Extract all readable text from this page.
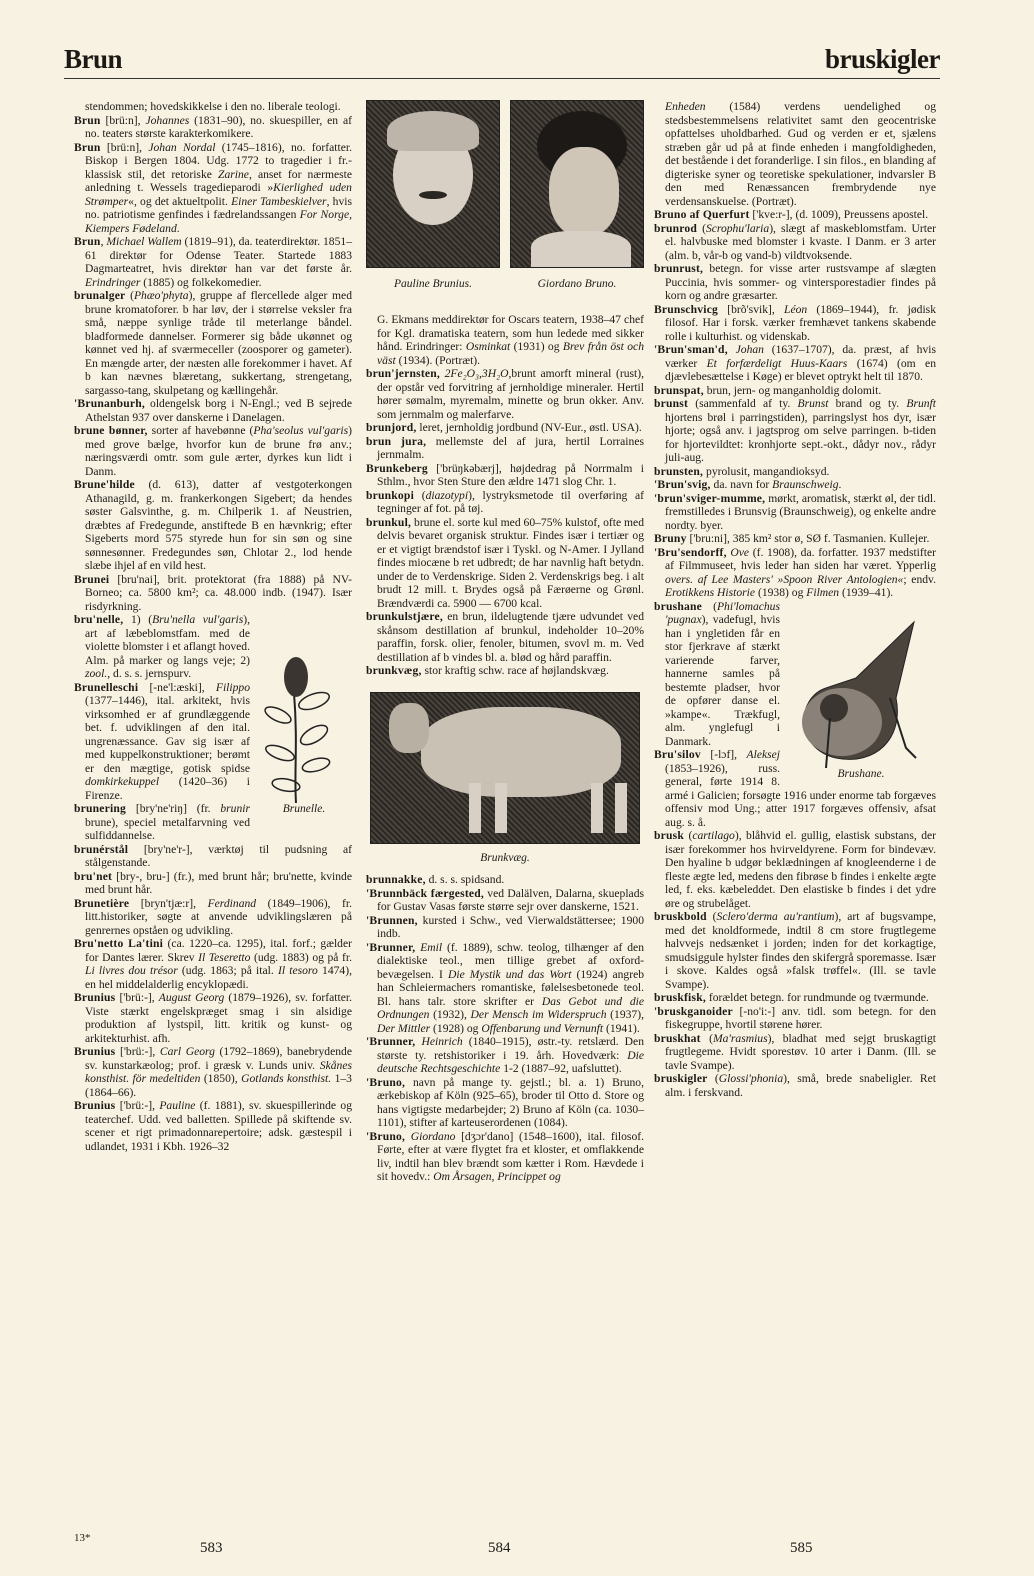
Brun	bruskigler

stendommen; hovedskikkelse i den no. liberale teologi.

Brun [brü:n], Johannes (1831–90), no. skuespiller, en af no. teaters største karakterkomikere.

Brun [brü:n], Johan Nordal (1745–1816), no. forfatter. Biskop i Bergen 1804. Udg. 1772 to tragedier i fr.-klassisk stil, det retoriske Zarine, anset for nærmeste anledning t. Wessels tragedieparodi »Kierlighed uden Strømper«, og det aktueltpolit. Einer Tambeskielver, hvis no. patriotisme genfindes i fædrelandssangen For Norge, Kiempers Fødeland.

Brun, Michael Wallem (1819–91), da. teaterdirektør. 1851–61 direktør for Odense Teater. Startede 1883 Dagmarteatret, hvis direktør han var det første år. Erindringer (1885) og folkekomedier.

brunalger (Phæo'phyta), gruppe af flercellede alger med brune kromatoforer. b har løv, der i størrelse veksler fra små, næppe synlige tråde til meterlange båndel. bladformede dannelser. Formerer sig både ukønnet og kønnet ved hj. af sværmeceller (zoosporer og gameter). En mængde arter, der næsten alle forekommer i havet. Af b kan nævnes blæretang, sukkertang, strengetang, sargasso-tang, skulpetang og kællingehår.

'Brunanburh, oldengelsk borg i N-Engl.; ved B sejrede Athelstan 937 over danskerne i Danelagen.

brune bønner, sorter af havebønne (Pha'seolus vul'garis) med grove bælge, hvorfor kun de brune frø anv.; næringsværdi omtr. som gule ærter, dyrkes kun lidt i Danm.

Brune'hilde (d. 613), datter af vestgoterkongen Athanagild, g. m. frankerkongen Sigebert; da hendes søster Galsvinthe, g. m. Chilperik 1. af Neustrien, dræbtes af Fredegunde, anstiftede B en hævnkrig; efter Sigeberts mord 575 styrede hun for sin søn og sine sønnesønner. Fredegundes søn, Chlotar 2., lod hende slæbe ihjel af en vild hest.

Brunei [bru'nai], brit. protektorat (fra 1888) på NV-Borneo; ca. 5800 km²; ca. 48.000 indb. (1947). Især risdyrkning.

Brunelle.

bru'nelle, 1) (Bru'nella vul'garis), art af læbeblomstfam. med de violette blomster i et aflangt hoved. Alm. på marker og langs veje; 2) zool., d. s. s. jernspurv.

Brunelleschi [-ne'l:æski], Filippo (1377–1446), ital. arkitekt, hvis virksomhed er af grundlæggende bet. f. udviklingen af den ital. ungrenæssance. Gav sig især af med kuppelkonstruktioner; berømt er den mægtige, gotisk spidse domkirkekuppel (1420–36) i Firenze.

brunering [bry'ne'riŋ] (fr. brunir brune), speciel metalfarvning ved sulfiddannelse.

brunérstål [bry'ne'r-], værktøj til pudsning af stålgenstande.

bru'net [bry-, bru-] (fr.), med brunt hår; bru'nette, kvinde med brunt hår.

Brunetière [bryn'tjæ:r], Ferdinand (1849–1906), fr. litt.historiker, søgte at anvende udviklingslæren på genrernes opståen og udvikling.

Bru'netto La'tini (ca. 1220–ca. 1295), ital. forf.; gælder for Dantes lærer. Skrev Il Teseretto (udg. 1883) og på fr. Li livres dou trésor (udg. 1863; på ital. Il tesoro 1474), en hel middelalderlig encyklopædi.

Brunius ['brü:-], August Georg (1879–1926), sv. forfatter. Viste stærkt engelskpræget smag i sin alsidige produktion af lystspil, litt. kritik og kunst- og arkitekturhist. afh.

Brunius ['brü:-], Carl Georg (1792–1869), banebrydende sv. kunstarkæolog; prof. i græsk v. Lunds univ. Skånes konsthist. för medeltiden (1850), Gotlands konsthist. 1–3 (1864–66).

Brunius ['brü:-], Pauline (f. 1881), sv. skuespillerinde og teaterchef. Udd. ved balletten. Spillede på skiftende sv. scener et rigt primadonnarepertoire; adsk. gæstespil i udlandet, 1931 i Kbh. 1926–32

Pauline Brunius.	Giordano Bruno.

G. Ekmans meddirektør for Oscars teatern, 1938–47 chef for Kgl. dramatiska teatern, som hun ledede med sikker hånd. Erindringer: Osminkat (1931) og Brev från öst och väst (1934). (Portræt).

brun'jernsten, 2Fe₂O₃,3H₂O,brunt amorft mineral (rust), der opstår ved forvitring af jernholdige mineraler. Hertil hører sømalm, myremalm, minette og brun okker. Anv. som jernmalm og malerfarve.

brunjord, leret, jernholdig jordbund (NV-Eur., østl. USA).

brun jura, mellemste del af jura, hertil Lorraines jernmalm.

Brunkeberg ['brüŋkəbærj], højdedrag på Norrmalm i Sthlm., hvor Sten Sture den ældre 1471 slog Chr. 1.

brunkopi (diazotypi), lystryksmetode til overføring af tegninger af fot. på tøj.

brunkul, brune el. sorte kul med 60–75% kulstof, ofte med delvis bevaret organisk struktur. Findes især i tertiær og er et vigtigt brændstof især i Tyskl. og N-Amer. I Jylland findes miocæne b ret udbredt; de har navnlig haft betydn. under de to Verdenskrige. Siden 2. Verdenskrigs beg. i alt brudt 12 mill. t. Brydes også på Færøerne og Grønl. Brændværdi ca. 5900 — 6700 kcal.

brunkulstjære, en brun, ildelugtende tjære udvundet ved skånsom destillation af brunkul, indeholder 10–20% paraffin, forsk. olier, fenoler, bitumen, svovl m. m. Ved destillation af b vindes bl. a. blød og hård paraffin.

brunkvæg, stor kraftig schw. race af højlandskvæg.

Brunkvæg.

brunnakke, d. s. s. spidsand.

'Brunnbäck færgested, ved Dalälven, Dalarna, skueplads for Gustav Vasas første større sejr over danskerne, 1521.

'Brunnen, kursted i Schw., ved Vierwaldstättersee; 1900 indb.

'Brunner, Emil (f. 1889), schw. teolog, tilhænger af den dialektiske teol., men tillige grebet af oxford-bevægelsen. I Die Mystik und das Wort (1924) angreb han Schleiermachers romantiske, følelsesbetonede teol. Bl. hans talr. store skrifter er Das Gebot und die Ordnungen (1932), Der Mensch im Widerspruch (1937), Der Mittler (1928) og Offenbarung und Vernunft (1941).

'Brunner, Heinrich (1840–1915), østr.-ty. retslærd. Den største ty. retshistoriker i 19. årh. Hovedværk: Die deutsche Rechtsgeschichte 1-2 (1887–92, uafsluttet).

'Bruno, navn på mange ty. gejstl.; bl. a. 1) Bruno, ærkebiskop af Köln (925–65), broder til Otto d. Store og hans vigtigste medarbejder; 2) Bruno af Köln (ca. 1030–1101), stifter af karteuserordenen (1084).

'Bruno, Giordano [dʒɔr'dano] (1548–1600), ital. filosof. Førte, efter at være flygtet fra et kloster, et omflakkende liv, indtil han blev brændt som kætter i Rom. Hævdede i sit hovedv.: Om Årsagen, Princippet og

Enheden (1584) verdens uendelighed og stedsbestemmelsens relativitet samt den geocentriske opfattelses uholdbarhed. Gud og verden er et, sjælens stræben går ud på at finde enheden i mangfoldigheden, det bestående i det foranderlige. I sin filos., en blanding af digteriske syner og teoretiske spekulationer, indvarsler B den med Renæssancen frembrydende nye verdensanskuelse. (Portræt).

Bruno af Querfurt ['kve:r-], (d. 1009), Preussens apostel.

brunrod (Scrophu'laria), slægt af maskeblomstfam. Urter el. halvbuske med blomster i kvaste. I Danm. er 3 arter (alm. b, vår-b og vand-b) vildtvoksende.

brunrust, betegn. for visse arter rustsvampe af slægten Puccinia, hvis sommer- og vintersporestadier findes på korn og andre græsarter.

Brunschvicg [brõ'svik], Léon (1869–1944), fr. jødisk filosof. Har i forsk. værker fremhævet tankens skabende rolle i kulturhist. og videnskab.

'Brun'sman'd, Johan (1637–1707), da. præst, af hvis værker Et forfærdeligt Huus-Kaars (1674) (om en djævlebesættelse i Køge) er blevet optrykt helt til 1870.

brunspat, brun, jern- og manganholdig dolomit.

brunst (sammenfald af ty. Brunst brand og ty. Brunft hjortens brøl i parringstiden), parringslyst hos dyr, især hjorte; også anv. i jagtsprog om selve parringen. b-tiden for hjortevildtet: kronhjorte sept.-okt., dådyr nov., rådyr juli-aug.

brunsten, pyrolusit, mangandioksyd.

'Brun'svig, da. navn for Braunschweig.

'brun'sviger-mumme, mørkt, aromatisk, stærkt øl, der tidl. fremstilledes i Brunsvig (Braunschweig), og enkelte andre nordty. byer.

Bruny ['bru:ni], 385 km² stor ø, SØ f. Tasmanien. Kullejer.

'Bru'sendorff, Ove (f. 1908), da. forfatter. 1937 medstifter af Filmmuseet, hvis leder han siden har været. Ypperlig overs. af Lee Masters' »Spoon River Antologien«; endv. Erotikkens Historie (1938) og Filmen (1939–41).

Brushane.

brushane (Phi'lomachus 'pugnax), vadefugl, hvis han i yngletiden får en stor fjerkrave af stærkt varierende farver, hannerne samles på bestemte pladser, hvor de opfører danse el. »kampe«. Trækfugl, alm. ynglefugl i Danmark.

Bru'silov [-lɔf], Aleksej (1853–1926), russ. general, førte 1914 8. armé i Galicien; forsøgte 1916 under enorme tab forgæves offensiv mod Ung.; atter 1917 forgæves offensiv, afsat aug. s. å.

brusk (cartilago), blåhvid el. gullig, elastisk substans, der især forekommer hos hvirveldyrene. Form for bindevæv. Den hyaline b udgør beklædningen af knogleenderne i de fleste ægte led, medens den fibrøse b findes i enkelte ægte led, f. eks. kæbeleddet. Den elastiske b findes i det ydre øre og strubelåget.

bruskbold (Sclero'derma au'rantium), art af bugsvampe, med det knoldformede, indtil 8 cm store frugtlegeme halvvejs nedsænket i jorden; inden for det korkagtige, smudsiggule hylster findes den skifergrå sporemasse. Især i skove. Kaldes også »falsk trøffel«. (Ill. se tavle Svampe).

bruskfisk, forældet betegn. for rundmunde og tværmunde.

'bruskganoider [-no'i:-] anv. tidl. som betegn. for den fiskegruppe, hvortil størene hører.

bruskhat (Ma'rasmius), bladhat med sejgt bruskagtigt frugtlegeme. Hvidt sporestøv. 10 arter i Danm. (Ill. se tavle Svampe).

bruskigler (Glossi'phonia), små, brede snabeligler. Ret alm. i ferskvand.

13*
583	584	585
